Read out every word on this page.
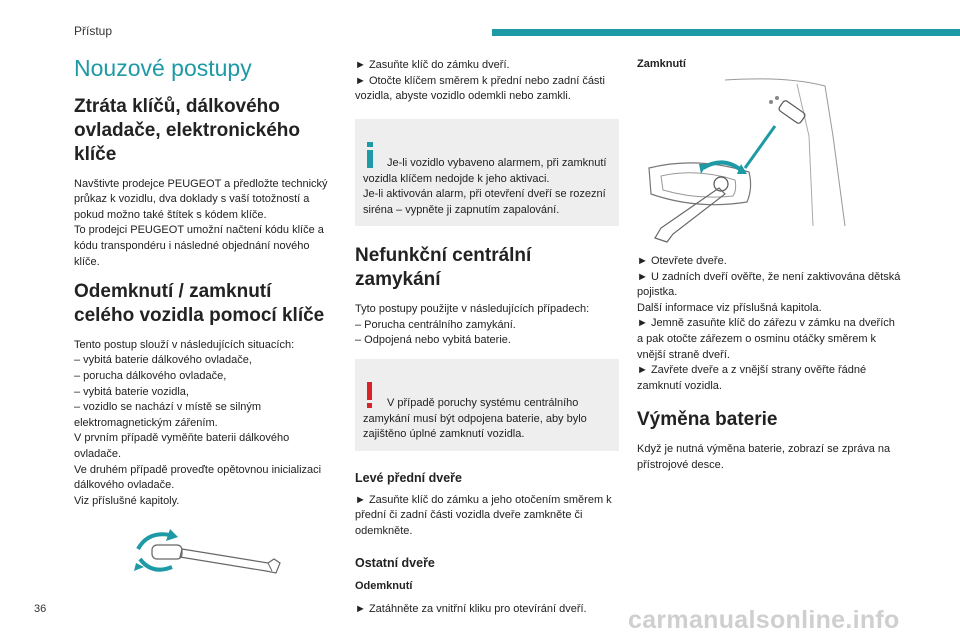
Přístup
Nouzové postupy
Ztráta klíčů, dálkového ovladače, elektronického klíče

Navštivte prodejce PEUGEOT a předložte technický průkaz k vozidlu, dva doklady s vaší totožností a pokud možno také štítek s kódem klíče.
To prodejci PEUGEOT umožní načtení kódu klíče a kódu transpondéru i následné objednání nového klíče.

Odemknutí / zamknutí celého vozidla pomocí klíče

Tento postup slouží v následujících situacích:
– vybitá baterie dálkového ovladače,
– porucha dálkového ovladače,
– vybitá baterie vozidla,
– vozidlo se nachází v místě se silným elektromagnetickým zářením.
V prvním případě vyměňte baterii dálkového ovladače.
Ve druhém případě proveďte opětovnou inicializaci dálkového ovladače.
Viz příslušné kapitoly.

► Zasuňte klíč do zámku dveří.
► Otočte klíčem směrem k přední nebo zadní části vozidla, abyste vozidlo odemkli nebo zamkli.

Je-li vozidlo vybaveno alarmem, při zamknutí vozidla klíčem nedojde k jeho aktivaci.
Je-li aktivován alarm, při otevření dveří se rozezní siréna – vypněte ji zapnutím zapalování.

Nefunkční centrální zamykání

Tyto postupy použijte v následujících případech:
– Porucha centrálního zamykání.
– Odpojená nebo vybitá baterie.

V případě poruchy systému centrálního zamykání musí být odpojena baterie, aby bylo zajištěno úplné zamknutí vozidla.

Levé přední dveře

► Zasuňte klíč do zámku a jeho otočením směrem k přední či zadní části vozidla dveře zamkněte či odemkněte.

Ostatní dveře
Odemknutí

► Zatáhněte za vnitřní kliku pro otevírání dveří.

Zamknutí

► Otevřete dveře.
► U zadních dveří ověřte, že není zaktivována dětská pojistka.
Další informace viz příslušná kapitola.
► Jemně zasuňte klíč do zářezu v zámku na dveřích a pak otočte zářezem o osminu otáčky směrem k vnější straně dveří.
► Zavřete dveře a z vnější strany ověřte řádné zamknutí vozidla.

Výměna baterie

Když je nutná výměna baterie, zobrazí se zpráva na přístrojové desce.

36	carmanualsonline.info
